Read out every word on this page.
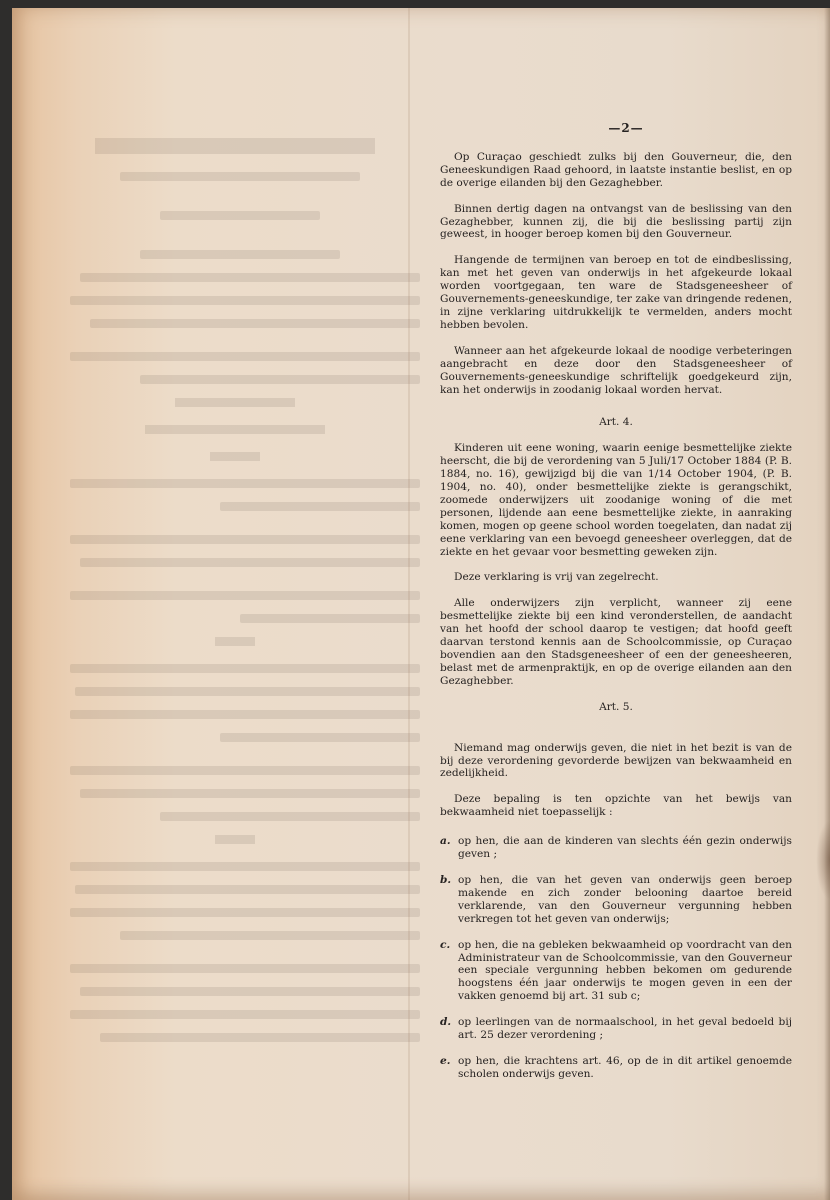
—2—

Op Curaçao geschiedt zulks bij den Gouverneur, die, den Geneeskundigen Raad gehoord, in laatste instantie beslist, en op de overige eilanden bij den Gezaghebber.

Binnen dertig dagen na ontvangst van de beslissing van den Gezaghebber, kunnen zij, die bij die beslissing partij zijn geweest, in hooger beroep komen bij den Gouverneur.

Hangende de termijnen van beroep en tot de eindbeslissing, kan met het geven van onderwijs in het afgekeurde lokaal worden voortgegaan, ten ware de Stadsgeneesheer of Gouvernements-geneeskundige, ter zake van dringende redenen, in zijne verklaring uitdrukkelijk te vermelden, anders mocht hebben bevolen.

Wanneer aan het afgekeurde lokaal de noodige verbeteringen aangebracht en deze door den Stadsgeneesheer of Gouvernements-geneeskundige schriftelijk goedgekeurd zijn, kan het onderwijs in zoodanig lokaal worden hervat.

Art. 4.

Kinderen uit eene woning, waarin eenige besmettelijke ziekte heerscht, die bij de verordening van 5 Juli/17 October 1884 (P. B. 1884, no. 16), gewijzigd bij die van 1/14 October 1904, (P. B. 1904, no. 40), onder besmettelijke ziekte is gerangschikt, zoomede onderwijzers uit zoodanige woning of die met personen, lijdende aan eene besmettelijke ziekte, in aanraking komen, mogen op geene school worden toegelaten, dan nadat zij eene verklaring van een bevoegd geneesheer overleggen, dat de ziekte en het gevaar voor besmetting geweken zijn.

Deze verklaring is vrij van zegelrecht.

Alle onderwijzers zijn verplicht, wanneer zij eene besmettelijke ziekte bij een kind veronderstellen, de aandacht van het hoofd der school daarop te vestigen; dat hoofd geeft daarvan terstond kennis aan de Schoolcommissie, op Curaçao bovendien aan den Stadsgeneesheer of een der geneesheeren, belast met de armenpraktijk, en op de overige eilanden aan den Gezaghebber.

Art. 5.

Niemand mag onderwijs geven, die niet in het bezit is van de bij deze verordening gevorderde bewijzen van bekwaamheid en zedelijkheid.

Deze bepaling is ten opzichte van het bewijs van bekwaamheid niet toepasselijk :

a. op hen, die aan de kinderen van slechts één gezin onderwijs geven ;
b. op hen, die van het geven van onderwijs geen beroep makende en zich zonder belooning daartoe bereid verklarende, van den Gouverneur vergunning hebben verkregen tot het geven van onderwijs;
c. op hen, die na gebleken bekwaamheid op voordracht van den Administrateur van de Schoolcommissie, van den Gouverneur een speciale vergunning hebben bekomen om gedurende hoogstens één jaar onderwijs te mogen geven in een der vakken genoemd bij art. 31 sub c;
d. op leerlingen van de normaalschool, in het geval bedoeld bij art. 25 dezer verordening ;
e. op hen, die krachtens art. 46, op de in dit artikel genoemde scholen onderwijs geven.
